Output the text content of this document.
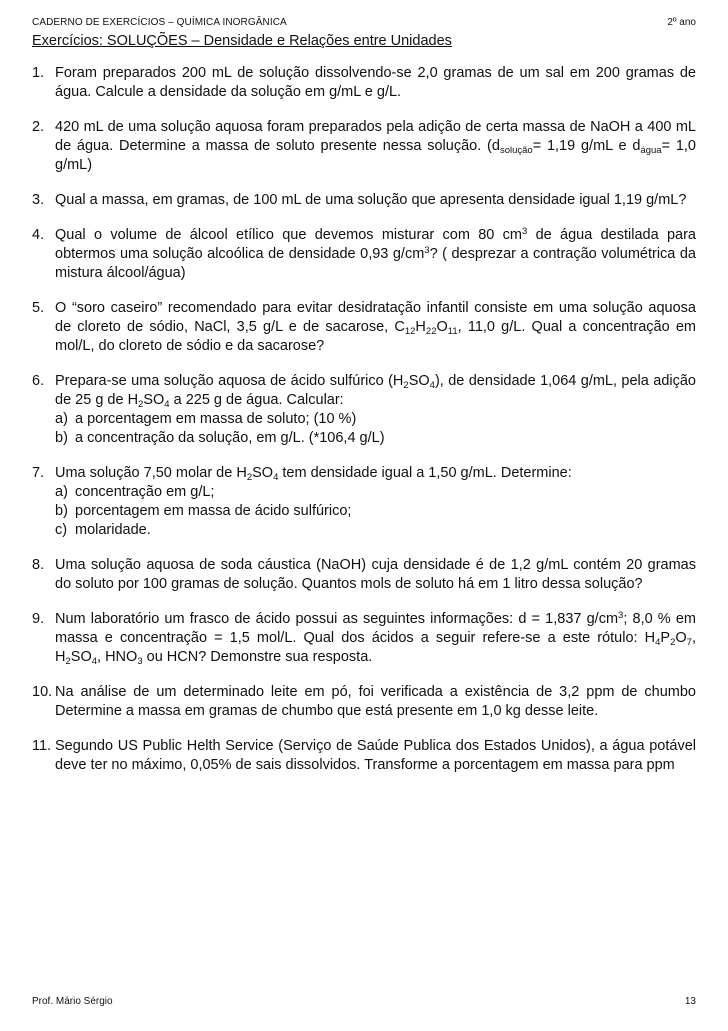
CADERNO DE EXERCÍCIOS – QUÍMICA INORGÂNICA	2º ano
Exercícios: SOLUÇÕES – Densidade e Relações entre Unidades
1. Foram preparados 200 mL de solução dissolvendo-se 2,0 gramas de um sal em 200 gramas de água. Calcule a densidade da solução em g/mL e g/L.
2. 420 mL de uma solução aquosa foram preparados pela adição de certa massa de NaOH a 400 mL de água. Determine a massa de soluto presente nessa solução. ($d_{solução}= 1,19$ g/mL e $d_{água}= 1,0$ g/mL)
3. Qual a massa, em gramas, de 100 mL de uma solução que apresenta densidade igual 1,19 g/mL?
4. Qual o volume de álcool etílico que devemos misturar com 80 $cm^3$ de água destilada para obtermos uma solução alcoólica de densidade 0,93 $g/cm^3$? ( desprezar a contração volumétrica da mistura álcool/água)
5. O “soro caseiro” recomendado para evitar desidratação infantil consiste em uma solução aquosa de cloreto de sódio, NaCl, 3,5 g/L e de sacarose, $C_{12}H_{22}O_{11}$, 11,0 g/L. Qual a concentração em mol/L, do cloreto de sódio e da sacarose?
6. Prepara-se uma solução aquosa de ácido sulfúrico $(H_2SO_4)$, de densidade 1,064 g/mL, pela adição de 25 g de $H_2SO_4$ a 225 g de água. Calcular:
a) a porcentagem em massa de soluto; (10 %)
b) a concentração da solução, em g/L. (*106,4 g/L)
7. Uma solução 7,50 molar de $H_2SO_4$ tem densidade igual a 1,50 g/mL. Determine:
a) concentração em g/L;
b) porcentagem em massa de ácido sulfúrico;
c) molaridade.
8. Uma solução aquosa de soda cáustica (NaOH) cuja densidade é de 1,2 g/mL contém 20 gramas do soluto por 100 gramas de solução. Quantos mols de soluto há em 1 litro dessa solução?
9. Num laboratório um frasco de ácido possui as seguintes informações: d = 1,837 $g/cm^3$; 8,0 % em massa e concentração = 1,5 mol/L. Qual dos ácidos a seguir refere-se a este rótulo: $H_4P_2O_7$, $H_2SO_4$, $HNO_3$ ou HCN? Demonstre sua resposta.
10. Na análise de um determinado leite em pó, foi verificada a existência de 3,2 ppm de chumbo Determine a massa em gramas de chumbo que está presente em 1,0 kg desse leite.
11. Segundo US Public Helth Service (Serviço de Saúde Publica dos Estados Unidos), a água potável deve ter no máximo, 0,05% de sais dissolvidos. Transforme a porcentagem em massa para ppm
Prof. Mário Sérgio	13
